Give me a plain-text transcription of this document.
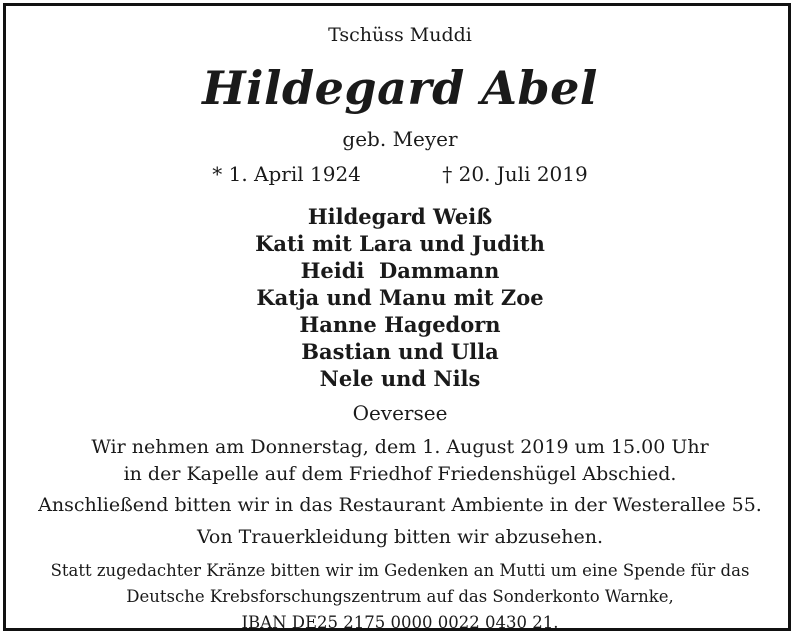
Tschüss Muddi
Hildegard Abel
geb. Meyer
* 1. April 1924	† 20. Juli 2019
Hildegard Weiß
Kati mit Lara und Judith
Heidi  Dammann
Katja und Manu mit Zoe
Hanne Hagedorn
Bastian und Ulla
Nele und Nils
Oeversee
Wir nehmen am Donnerstag, dem 1. August 2019 um 15.00 Uhr
in der Kapelle auf dem Friedhof Friedenshügel Abschied.
Anschließend bitten wir in das Restaurant Ambiente in der Westerallee 55.
Von Trauerkleidung bitten wir abzusehen.
Statt zugedachter Kränze bitten wir im Gedenken an Mutti um eine Spende für das
Deutsche Krebsforschungszentrum auf das Sonderkonto Warnke,
IBAN DE25 2175 0000 0022 0430 21.
